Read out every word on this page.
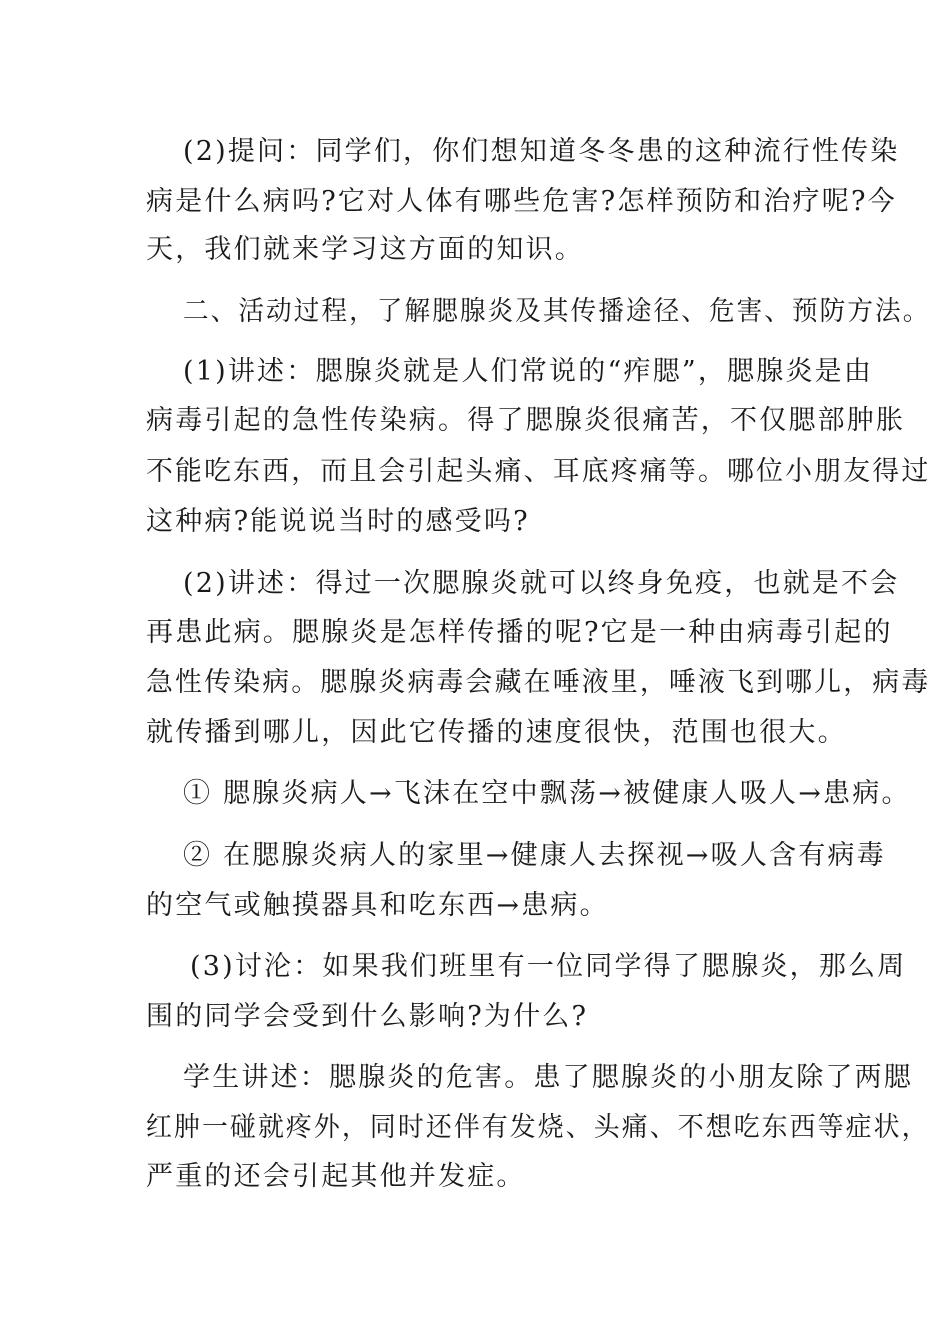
(2)提问：同学们，你们想知道冬冬患的这种流行性传染
病是什么病吗?它对人体有哪些危害?怎样预防和治疗呢?今
天，我们就来学习这方面的知识。
二、活动过程，了解腮腺炎及其传播途径、危害、预防方法。
(1)讲述：腮腺炎就是人们常说的“痄腮”，腮腺炎是由
病毒引起的急性传染病。得了腮腺炎很痛苦，不仅腮部肿胀
不能吃东西，而且会引起头痛、耳底疼痛等。哪位小朋友得过
这种病?能说说当时的感受吗?
(2)讲述：得过一次腮腺炎就可以终身免疫，也就是不会
再患此病。腮腺炎是怎样传播的呢?它是一种由病毒引起的
急性传染病。腮腺炎病毒会藏在唾液里，唾液飞到哪儿，病毒
就传播到哪儿，因此它传播的速度很快，范围也很大。
① 腮腺炎病人→飞沫在空中飘荡→被健康人吸人→患病。
② 在腮腺炎病人的家里→健康人去探视→吸人含有病毒
的空气或触摸器具和吃东西→患病。
(3)讨沦：如果我们班里有一位同学得了腮腺炎，那么周
围的同学会受到什么影响?为什么?
学生讲述：腮腺炎的危害。患了腮腺炎的小朋友除了两腮
红肿一碰就疼外，同时还伴有发烧、头痛、不想吃东西等症状，
严重的还会引起其他并发症。
